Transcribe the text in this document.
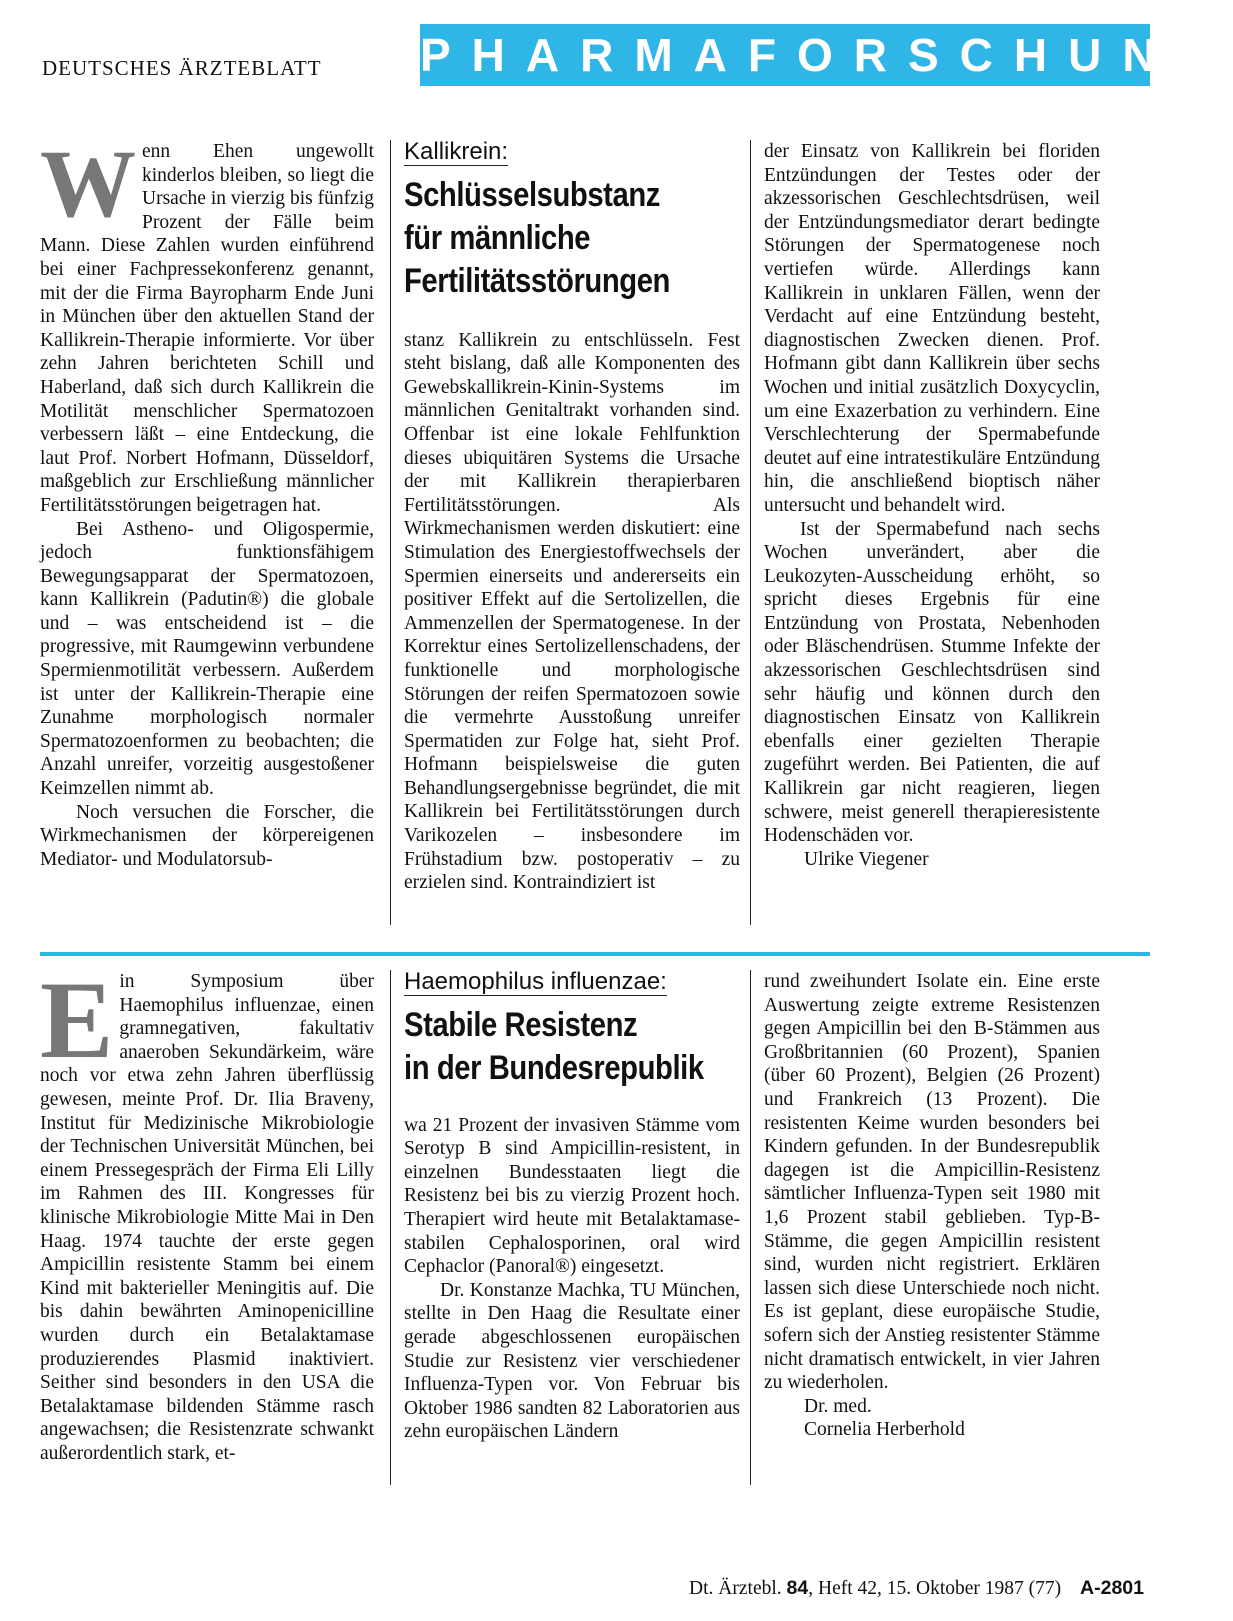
DEUTSCHES ÄRZTEBLATT PHARMAFORSCHUNG
W enn Ehen ungewollt kinderlos bleiben, so liegt die Ursache in vierzig bis fünfzig Prozent der Fälle beim Mann. Diese Zahlen wurden einführend bei einer Fachpressekonferenz genannt, mit der die Firma Bayropharm Ende Juni in München über den aktuellen Stand der Kallikrein-Therapie informierte. Vor über zehn Jahren berichteten Schill und Haberland, daß sich durch Kallikrein die Motilität menschlicher Spermatozoen verbessern läßt – eine Entdeckung, die laut Prof. Norbert Hofmann, Düsseldorf, maßgeblich zur Erschließung männlicher Fertilitätsstörungen beigetragen hat.

Bei Astheno- und Oligospermie, jedoch funktionsfähigem Bewegungsapparat der Spermatozoen, kann Kallikrein (Padutin®) die globale und – was entscheidend ist – die progressive, mit Raumgewinn verbundene Spermienmotilität verbessern. Außerdem ist unter der Kallikrein-Therapie eine Zunahme morphologisch normaler Spermatozoenformen zu beobachten; die Anzahl unreifer, vorzeitig ausgestoßener Keimzellen nimmt ab.

Noch versuchen die Forscher, die Wirkmechanismen der körpereigenen Mediator- und Modulatorsub-

Kallikrein:
Schlüsselsubstanz
für männliche
Fertilitätsstörungen

stanz Kallikrein zu entschlüsseln. Fest steht bislang, daß alle Komponenten des Gewebskallikrein-Kinin-Systems im männlichen Genitaltrakt vorhanden sind. Offenbar ist eine lokale Fehlfunktion dieses ubiquitären Systems die Ursache der mit Kallikrein therapierbaren Fertilitätsstörungen. Als Wirkmechanismen werden diskutiert: eine Stimulation des Energiestoffwechsels der Spermien einerseits und andererseits ein positiver Effekt auf die Sertolizellen, die Ammenzellen der Spermatogenese. In der Korrektur eines Sertolizellenschadens, der funktionelle und morphologische Störungen der reifen Spermatozoen sowie die vermehrte Ausstoßung unreifer Spermatiden zur Folge hat, sieht Prof. Hofmann beispielsweise die guten Behandlungsergebnisse begründet, die mit Kallikrein bei Fertilitätsstörungen durch Varikozelen – insbesondere im Frühstadium bzw. postoperativ – zu erzielen sind. Kontraindiziert ist

der Einsatz von Kallikrein bei floriden Entzündungen der Testes oder der akzessorischen Geschlechtsdrüsen, weil der Entzündungsmediator derart bedingte Störungen der Spermatogenese noch vertiefen würde. Allerdings kann Kallikrein in unklaren Fällen, wenn der Verdacht auf eine Entzündung besteht, diagnostischen Zwecken dienen. Prof. Hofmann gibt dann Kallikrein über sechs Wochen und initial zusätzlich Doxycyclin, um eine Exazerbation zu verhindern. Eine Verschlechterung der Spermabefunde deutet auf eine intratestikuläre Entzündung hin, die anschließend bioptisch näher untersucht und behandelt wird.

Ist der Spermabefund nach sechs Wochen unverändert, aber die Leukozyten-Ausscheidung erhöht, so spricht dieses Ergebnis für eine Entzündung von Prostata, Nebenhoden oder Bläschendrüsen. Stumme Infekte der akzessorischen Geschlechtsdrüsen sind sehr häufig und können durch den diagnostischen Einsatz von Kallikrein ebenfalls einer gezielten Therapie zugeführt werden. Bei Patienten, die auf Kallikrein gar nicht reagieren, liegen schwere, meist generell therapieresistente Hodenschäden vor.

Ulrike Viegener

E in Symposium über Haemophilus influenzae, einen gramnegativen, fakultativ anaeroben Sekundärkeim, wäre noch vor etwa zehn Jahren überflüssig gewesen, meinte Prof. Dr. Ilia Braveny, Institut für Medizinische Mikrobiologie der Technischen Universität München, bei einem Pressegespräch der Firma Eli Lilly im Rahmen des III. Kongresses für klinische Mikrobiologie Mitte Mai in Den Haag. 1974 tauchte der erste gegen Ampicillin resistente Stamm bei einem Kind mit bakterieller Meningitis auf. Die bis dahin bewährten Aminopenicilline wurden durch ein Betalaktamase produzierendes Plasmid inaktiviert. Seither sind besonders in den USA die Betalaktamase bildenden Stämme rasch angewachsen; die Resistenzrate schwankt außerordentlich stark, et-

Haemophilus influenzae:
Stabile Resistenz
in der Bundesrepublik

wa 21 Prozent der invasiven Stämme vom Serotyp B sind Ampicillin-resistent, in einzelnen Bundesstaaten liegt die Resistenz bei bis zu vierzig Prozent hoch. Therapiert wird heute mit Betalaktamase-stabilen Cephalosporinen, oral wird Cephaclor (Panoral®) eingesetzt.

Dr. Konstanze Machka, TU München, stellte in Den Haag die Resultate einer gerade abgeschlossenen europäischen Studie zur Resistenz vier verschiedener Influenza-Typen vor. Von Februar bis Oktober 1986 sandten 82 Laboratorien aus zehn europäischen Ländern

rund zweihundert Isolate ein. Eine erste Auswertung zeigte extreme Resistenzen gegen Ampicillin bei den B-Stämmen aus Großbritannien (60 Prozent), Spanien (über 60 Prozent), Belgien (26 Prozent) und Frankreich (13 Prozent). Die resistenten Keime wurden besonders bei Kindern gefunden. In der Bundesrepublik dagegen ist die Ampicillin-Resistenz sämtlicher Influenza-Typen seit 1980 mit 1,6 Prozent stabil geblieben. Typ-B-Stämme, die gegen Ampicillin resistent sind, wurden nicht registriert. Erklären lassen sich diese Unterschiede noch nicht. Es ist geplant, diese europäische Studie, sofern sich der Anstieg resistenter Stämme nicht dramatisch entwickelt, in vier Jahren zu wiederholen.

Dr. med.

Cornelia Herberhold

Dt. Ärztebl. 84, Heft 42, 15. Oktober 1987 (77) A-2801
